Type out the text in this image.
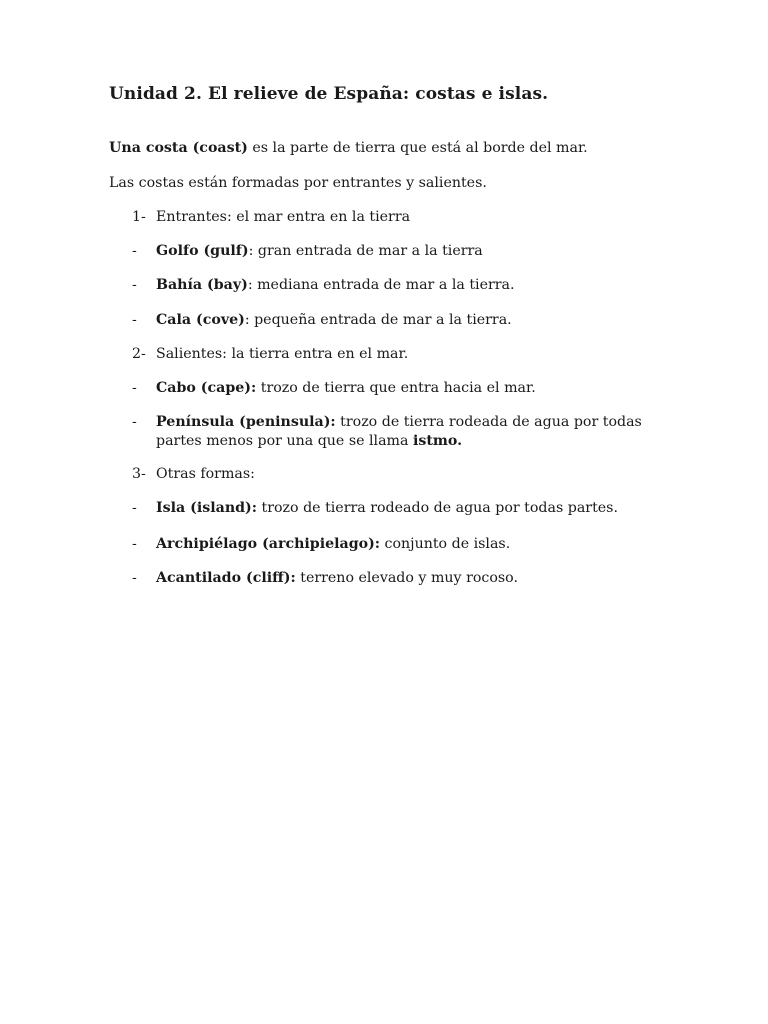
Unidad 2. El relieve de España: costas e islas.
Una costa (coast) es la parte de tierra que está al borde del mar.
Las costas están formadas por entrantes y salientes.
1- Entrantes: el mar entra en la tierra
- Golfo (gulf): gran entrada de mar a la tierra
- Bahía (bay): mediana entrada de mar a la tierra.
- Cala (cove): pequeña entrada de mar a la tierra.
2- Salientes: la tierra entra en el mar.
- Cabo (cape): trozo de tierra que entra hacia el mar.
- Península (peninsula): trozo de tierra rodeada de agua por todas
partes menos por una que se llama istmo.
3- Otras formas:
- Isla (island): trozo de tierra rodeado de agua por todas partes.
- Archipiélago (archipielago): conjunto de islas.
- Acantilado (cliff): terreno elevado y muy rocoso.
